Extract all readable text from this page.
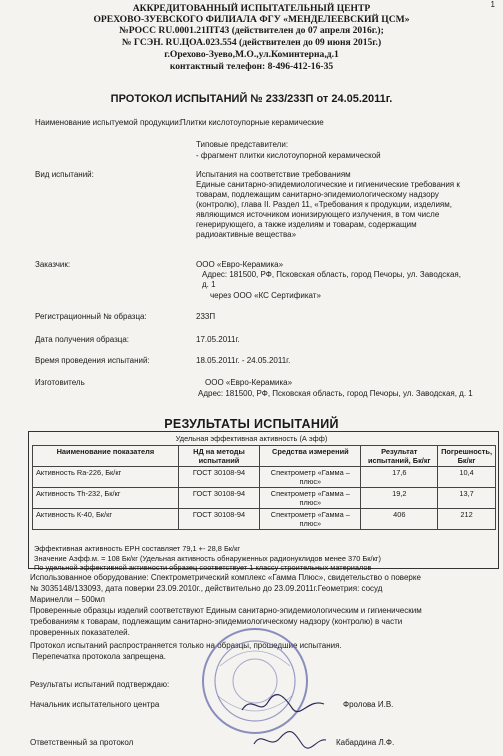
1
АККРЕДИТОВАННЫЙ ИСПЫТАТЕЛЬНЫЙ ЦЕНТР
ОРЕХОВО-ЗУЕВСКОГО ФИЛИАЛА ФГУ «МЕНДЕЛЕЕВСКИЙ ЦСМ»
№РОСС RU.0001.21ПТ43 (действителен до 07 апреля 2016г.);
№ ГСЭН. RU.ЦОА.023.554 (действителен до 09 июня 2015г.)
г.Орехово-Зуево,М.О.,ул.Коминтерна,д.1
контактный телефон: 8-496-412-16-35
ПРОТОКОЛ ИСПЫТАНИЙ № 233/233П от 24.05.2011г.
Наименование испытуемой продукции: Плитки кислотоупорные керамические
Типовые представители:
- фрагмент плитки кислотоупорной керамической
Вид испытаний:	Испытания на соответствие требованиям
Единые санитарно-эпидемиологические и гигиенические требования к
товарам, подлежащим санитарно-эпидемиологическому надзору
(контролю), глава II. Раздел 11, «Требования к продукции, изделиям,
являющимся источником ионизирующего излучения, в том числе
генерирующего, а также изделиям и товарам, содержащим
радиоактивные вещества»
Заказчик:	ООО «Евро-Керамика»
Адрес: 181500, РФ, Псковская область, город Печоры, ул. Заводская,
д. 1
через ООО «КС Сертификат»
Регистрационный № образца:	233П
Дата получения образца:	17.05.2011г.
Время проведения испытаний:	18.05.2011г. - 24.05.2011г.
Изготовитель	ООО «Евро-Керамика»
Адрес: 181500, РФ, Псковская область, город Печоры, ул. Заводская, д. 1
РЕЗУЛЬТАТЫ ИСПЫТАНИЙ
Удельная эффективная активность (А эфф)
Наименование показателя	НД на методы испытаний	Средства измерений	Результат испытаний, Бк/кг	Погрешность, Бк/кг
Активность Ra-226, Бк/кг	ГОСТ 30108-94	Спектрометр «Гамма – плюс»	17,6	10,4
Активность Th-232, Бк/кг	ГОСТ 30108-94	Спектрометр «Гамма – плюс»	19,2	13,7
Активность К-40, Бк/кг	ГОСТ 30108-94	Спектрометр «Гамма – плюс»	406	212
Эффективная активность ЕРН составляет 79,1 +- 28,8 Бк/кг
Значение Аэфф.м. = 108 Бк/кг (Удельная активность обнаруженных радионуклидов менее 370 Бк/кг)
По удельной эффективной активности образец соответствует 1 классу строительных материалов
Использованное оборудование: Спектрометрический комплекс «Гамма Плюс», свидетельство о поверке
№ 3035148/133093, дата поверки 23.09.2010г., действительно до 23.09.2011г.Геометрия: сосуд
Маринелли – 500мл
Проверенные образцы изделий соответствуют Единым санитарно-эпидемиологическим и гигиеническим
требованиям к товарам, подлежащим санитарно-эпидемиологическому надзору (контролю) в части
проверенных показателей.
Протокол испытаний распространяется только на образцы, прошедшие испытания.
Перепечатка протокола запрещена.
Результаты испытаний подтверждаю:
Начальник испытательного центра	Фролова И.В.
Ответственный за протокол	Кабардина Л.Ф.
